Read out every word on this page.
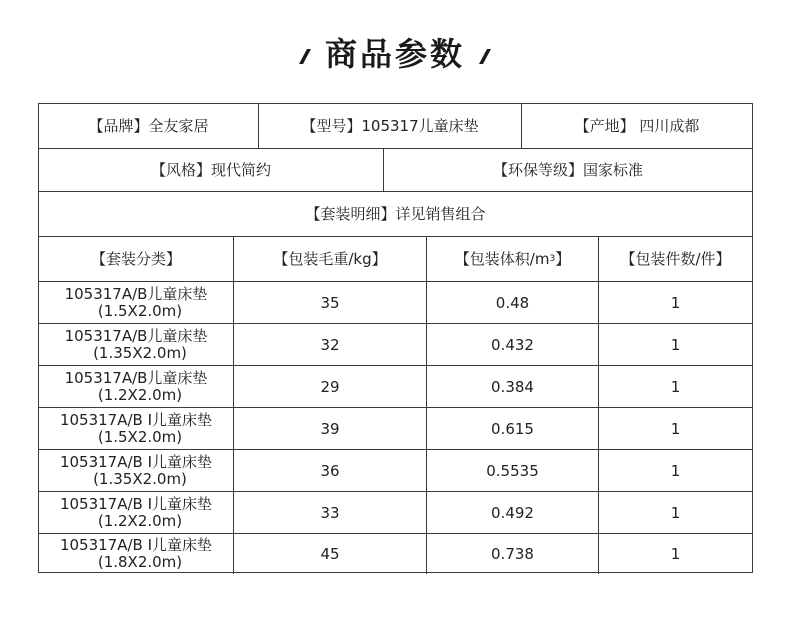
商品参数
【品牌】全友家居	【型号】105317儿童床垫	【产地】 四川成都
【风格】现代简约	【环保等级】国家标准
【套装明细】详见销售组合
【套装分类】	【包装毛重/kg】	【包装体积/m 3 】	【包装件数/件】
105317A/B儿童床垫
(1.5X2.0m)	35	0.48	1
105317A/B儿童床垫
(1.35X2.0m)	32	0.432	1
105317A/B儿童床垫
(1.2X2.0m)	29	0.384	1
105317A/B I儿童床垫
(1.5X2.0m)	39	0.615	1
105317A/B I儿童床垫
(1.35X2.0m)	36	0.5535	1
105317A/B I儿童床垫
(1.2X2.0m)	33	0.492	1
105317A/B I儿童床垫
(1.8X2.0m)	45	0.738	1
